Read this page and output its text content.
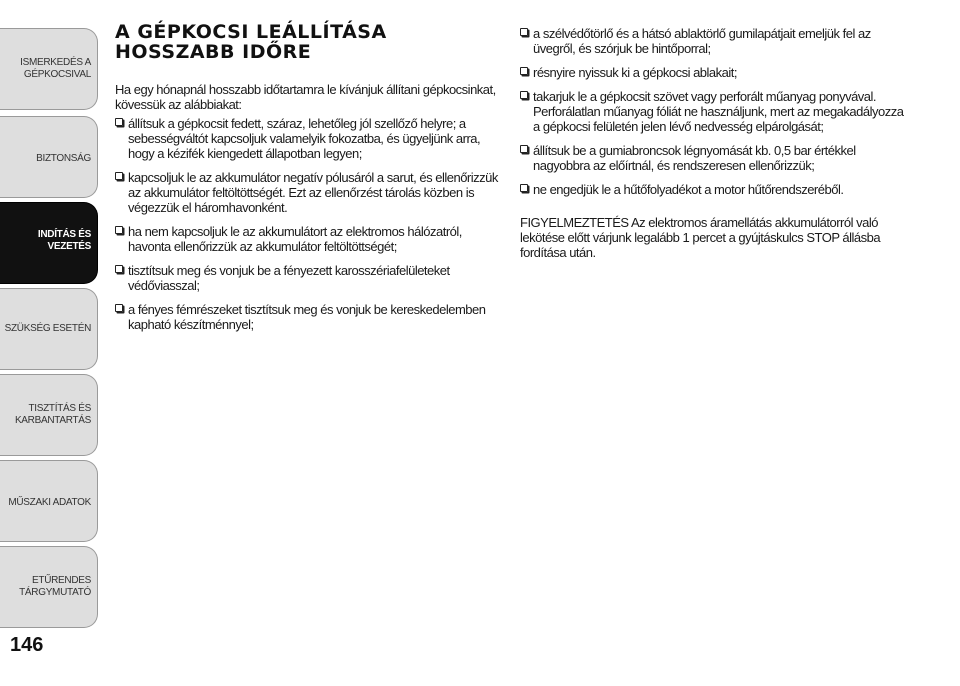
ISMERKEDÉS A
GÉPKOCSIVAL
BIZTONSÁG
INDÍTÁS ÉS
VEZETÉS
SZÜKSÉG ESETÉN
TISZTÍTÁS ÉS
KARBANTARTÁS
MŰSZAKI ADATOK
ETŰRENDES
TÁRGYMUTATÓ
146
A GÉPKOCSI LEÁLLÍTÁSA
HOSSZABB IDŐRE

Ha egy hónapnál hosszabb időtartamra le kívánjuk állítani gépkocsinkat, kövessük az alábbiakat:

állítsuk a gépkocsit fedett, száraz, lehetőleg jól szellőző helyre; a sebességváltót kapcsoljuk valamelyik fokozatba, és ügyeljünk arra, hogy a kézifék kiengedett állapotban legyen;
kapcsoljuk le az akkumulátor negatív pólusáról a sarut, és ellenőrizzük az akkumulátor feltöltöttségét. Ezt az ellenőrzést tárolás közben is végezzük el háromhavonként.
ha nem kapcsoljuk le az akkumulátort az elektromos hálózatról, havonta ellenőrizzük az akkumulátor feltöltöttségét;
tisztítsuk meg és vonjuk be a fényezett karosszériafelületeket védőviasszal;
a fényes fémrészeket tisztítsuk meg és vonjuk be kereskedelemben kapható készítménnyel;
a szélvédőtörlő és a hátsó ablaktörlő gumilapátjait emeljük fel az üvegről, és szórjuk be hintőporral;
résnyire nyissuk ki a gépkocsi ablakait;
takarjuk le a gépkocsit szövet vagy perforált műanyag ponyvával. Perforálatlan műanyag fóliát ne használjunk, mert az megakadályozza a gépkocsi felületén jelen lévő nedvesség elpárolgását;
állítsuk be a gumiabroncsok légnyomását kb. 0,5 bar értékkel nagyobbra az előírtnál, és rendszeresen ellenőrizzük;
ne engedjük le a hűtőfolyadékot a motor hűtőrendszeréből.

FIGYELMEZTETÉS Az elektromos áramellátás akkumulátorról való lekötése előtt várjunk legalább 1 percet a gyújtáskulcs STOP állásba fordítása után.
